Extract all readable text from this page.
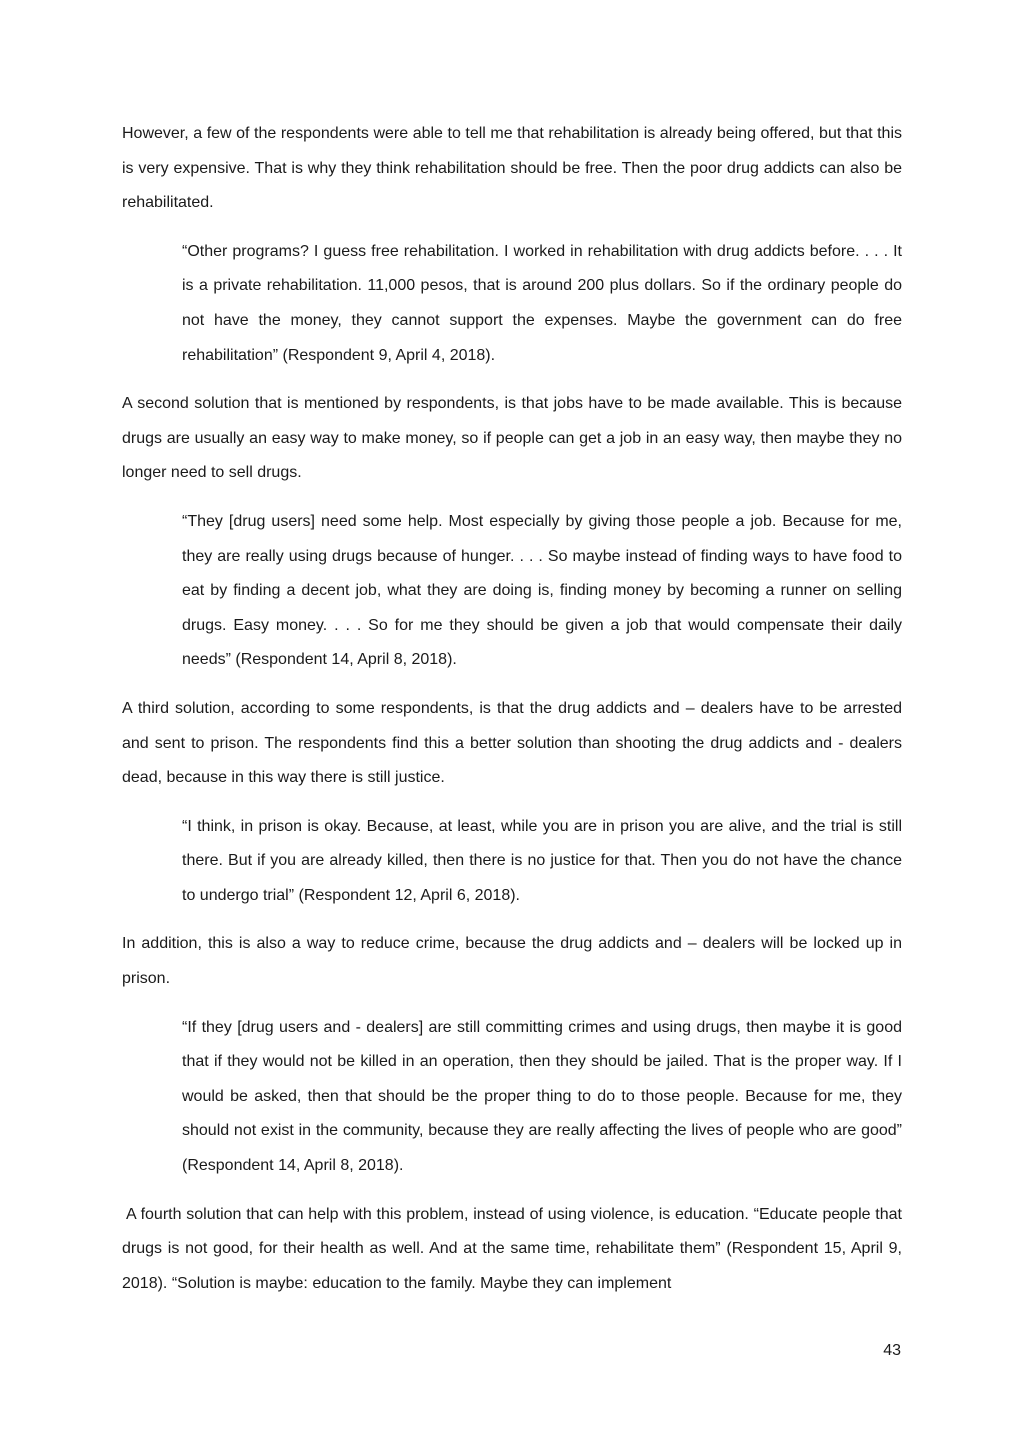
However, a few of the respondents were able to tell me that rehabilitation is already being offered, but that this is very expensive. That is why they think rehabilitation should be free. Then the poor drug addicts can also be rehabilitated.

“Other programs? I guess free rehabilitation. I worked in rehabilitation with drug addicts before. . . . It is a private rehabilitation. 11,000 pesos, that is around 200 plus dollars. So if the ordinary people do not have the money, they cannot support the expenses. Maybe the government can do free rehabilitation” (Respondent 9, April 4, 2018).

A second solution that is mentioned by respondents, is that jobs have to be made available. This is because drugs are usually an easy way to make money, so if people can get a job in an easy way, then maybe they no longer need to sell drugs.

“They [drug users] need some help. Most especially by giving those people a job. Because for me, they are really using drugs because of hunger. . . . So maybe instead of finding ways to have food to eat by finding a decent job, what they are doing is, finding money by becoming a runner on selling drugs. Easy money. . . . So for me they should be given a job that would compensate their daily needs” (Respondent 14, April 8, 2018).

A third solution, according to some respondents, is that the drug addicts and – dealers have to be arrested and sent to prison. The respondents find this a better solution than shooting the drug addicts and - dealers dead, because in this way there is still justice.

“I think, in prison is okay. Because, at least, while you are in prison you are alive, and the trial is still there. But if you are already killed, then there is no justice for that. Then you do not have the chance to undergo trial” (Respondent 12, April 6, 2018).

In addition, this is also a way to reduce crime, because the drug addicts and – dealers will be locked up in prison.

“If they [drug users and - dealers] are still committing crimes and using drugs, then maybe it is good that if they would not be killed in an operation, then they should be jailed. That is the proper way. If I would be asked, then that should be the proper thing to do to those people. Because for me, they should not exist in the community, because they are really affecting the lives of people who are good” (Respondent 14, April 8, 2018).

A fourth solution that can help with this problem, instead of using violence, is education. “Educate people that drugs is not good, for their health as well. And at the same time, rehabilitate them” (Respondent 15, April 9, 2018). “Solution is maybe: education to the family. Maybe they can implement

43
